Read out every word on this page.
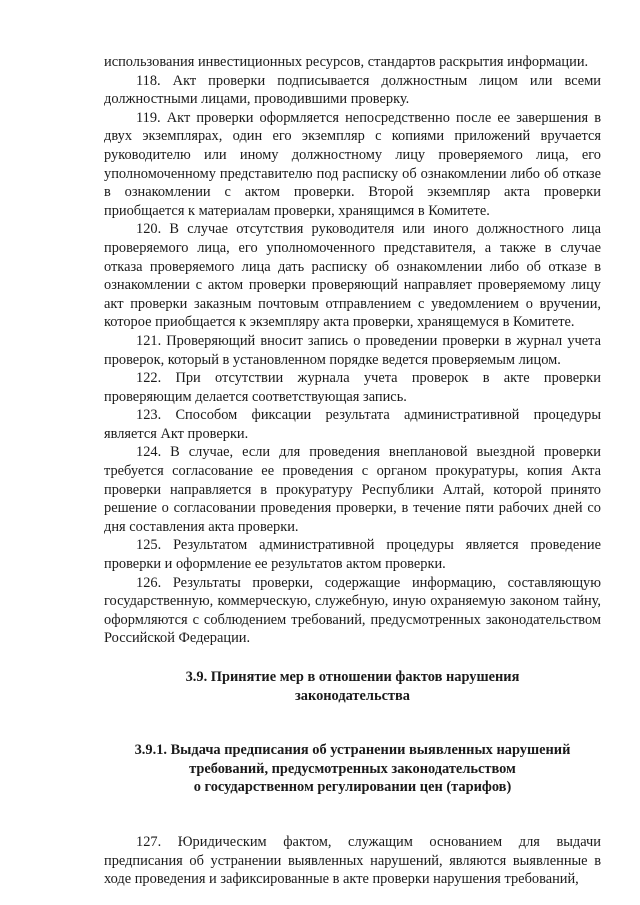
использования инвестиционных ресурсов, стандартов раскрытия информации.

118. Акт проверки подписывается должностным лицом или всеми должностными лицами, проводившими проверку.

119. Акт проверки оформляется непосредственно после ее завершения в двух экземплярах, один его экземпляр с копиями приложений вручается руководителю или иному должностному лицу проверяемого лица, его уполномоченному представителю под расписку об ознакомлении либо об отказе в ознакомлении с актом проверки. Второй экземпляр акта проверки приобщается к материалам проверки, хранящимся в Комитете.

120. В случае отсутствия руководителя или иного должностного лица проверяемого лица, его уполномоченного представителя, а также в случае отказа проверяемого лица дать расписку об ознакомлении либо об отказе в ознакомлении с актом проверки проверяющий направляет проверяемому лицу акт проверки заказным почтовым отправлением с уведомлением о вручении, которое приобщается к экземпляру акта проверки, хранящемуся в Комитете.

121. Проверяющий вносит запись о проведении проверки в журнал учета проверок, который в установленном порядке ведется проверяемым лицом.

122. При отсутствии журнала учета проверок в акте проверки проверяющим делается соответствующая запись.

123. Способом фиксации результата административной процедуры является Акт проверки.

124. В случае, если для проведения внеплановой выездной проверки требуется согласование ее проведения с органом прокуратуры, копия Акта проверки направляется в прокуратуру Республики Алтай, которой принято решение о согласовании проведения проверки, в течение пяти рабочих дней со дня составления акта проверки.

125. Результатом административной процедуры является проведение проверки и оформление ее результатов актом проверки.

126. Результаты проверки, содержащие информацию, составляющую государственную, коммерческую, служебную, иную охраняемую законом тайну, оформляются с соблюдением требований, предусмотренных законодательством Российской Федерации.

3.9. Принятие мер в отношении фактов нарушения
законодательства
3.9.1. Выдача предписания об устранении выявленных нарушений
требований, предусмотренных законодательством
о государственном регулировании цен (тарифов)

127. Юридическим фактом, служащим основанием для выдачи предписания об устранении выявленных нарушений, являются выявленные в ходе проведения и зафиксированные в акте проверки нарушения требований,
